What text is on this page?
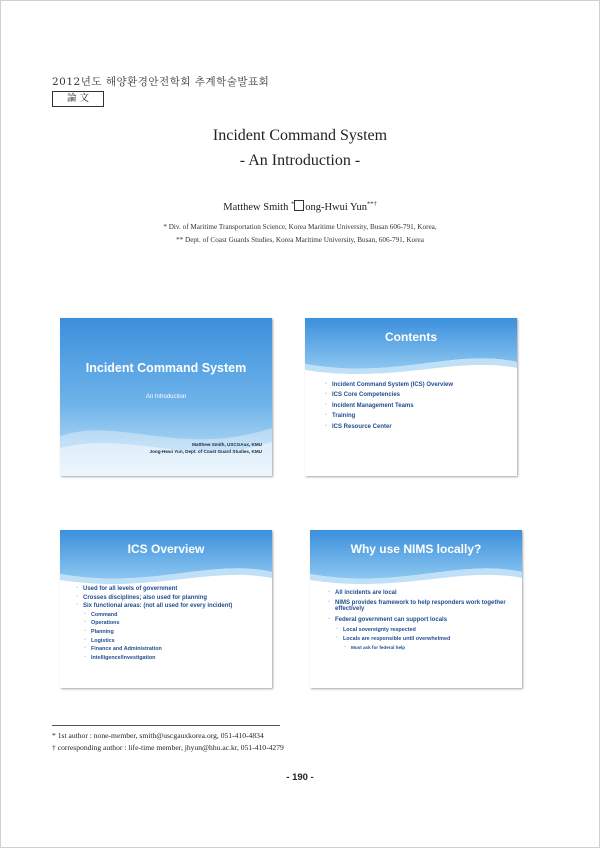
2012년도 해양환경안전학회 추계학술발표회
論 文
Incident Command System
- An Introduction -
Matthew Smith * ong-Hwui Yun**†
* Div. of Maritime Transportation Science, Korea Maritime University, Busan 606-791, Korea,
** Dept. of Coast Guards Studies, Korea Maritime University, Busan, 606-791, Korea
Incident Command System
An Introduction
Matthew Smith, USCGAux, KMU
Jong-Hwui Yun, Dept. of Coast Guard Studies, KMU
Contents
▫ Incident Command System (ICS) Overview
▫ ICS Core Competencies
▫ Incident Management Teams
▫ Training
▫ ICS Resource Center
ICS Overview
▫ Used for all levels of government
▫ Crosses disciplines; also used for planning
▫ Six functional areas: (not all used for every incident)
▫ Command
▫ Operations
▫ Planning
▫ Logistics
▫ Finance and Administration
▫ Intelligence/Investigation
Why use NIMS locally?
▫ All incidents are local
▫ NIMS provides framework to help responders work together effectively
▫ Federal government can support locals
▫ Local sovereignty respected
▫ Locals are responsible until overwhelmed
▫ Must ask for federal help
* 1st author : none-member, smith@uscgauxkorea.org, 051-410-4834
† corresponding author : life-time member, jhyun@hhu.ac.kr, 051-410-4279
- 190 -
